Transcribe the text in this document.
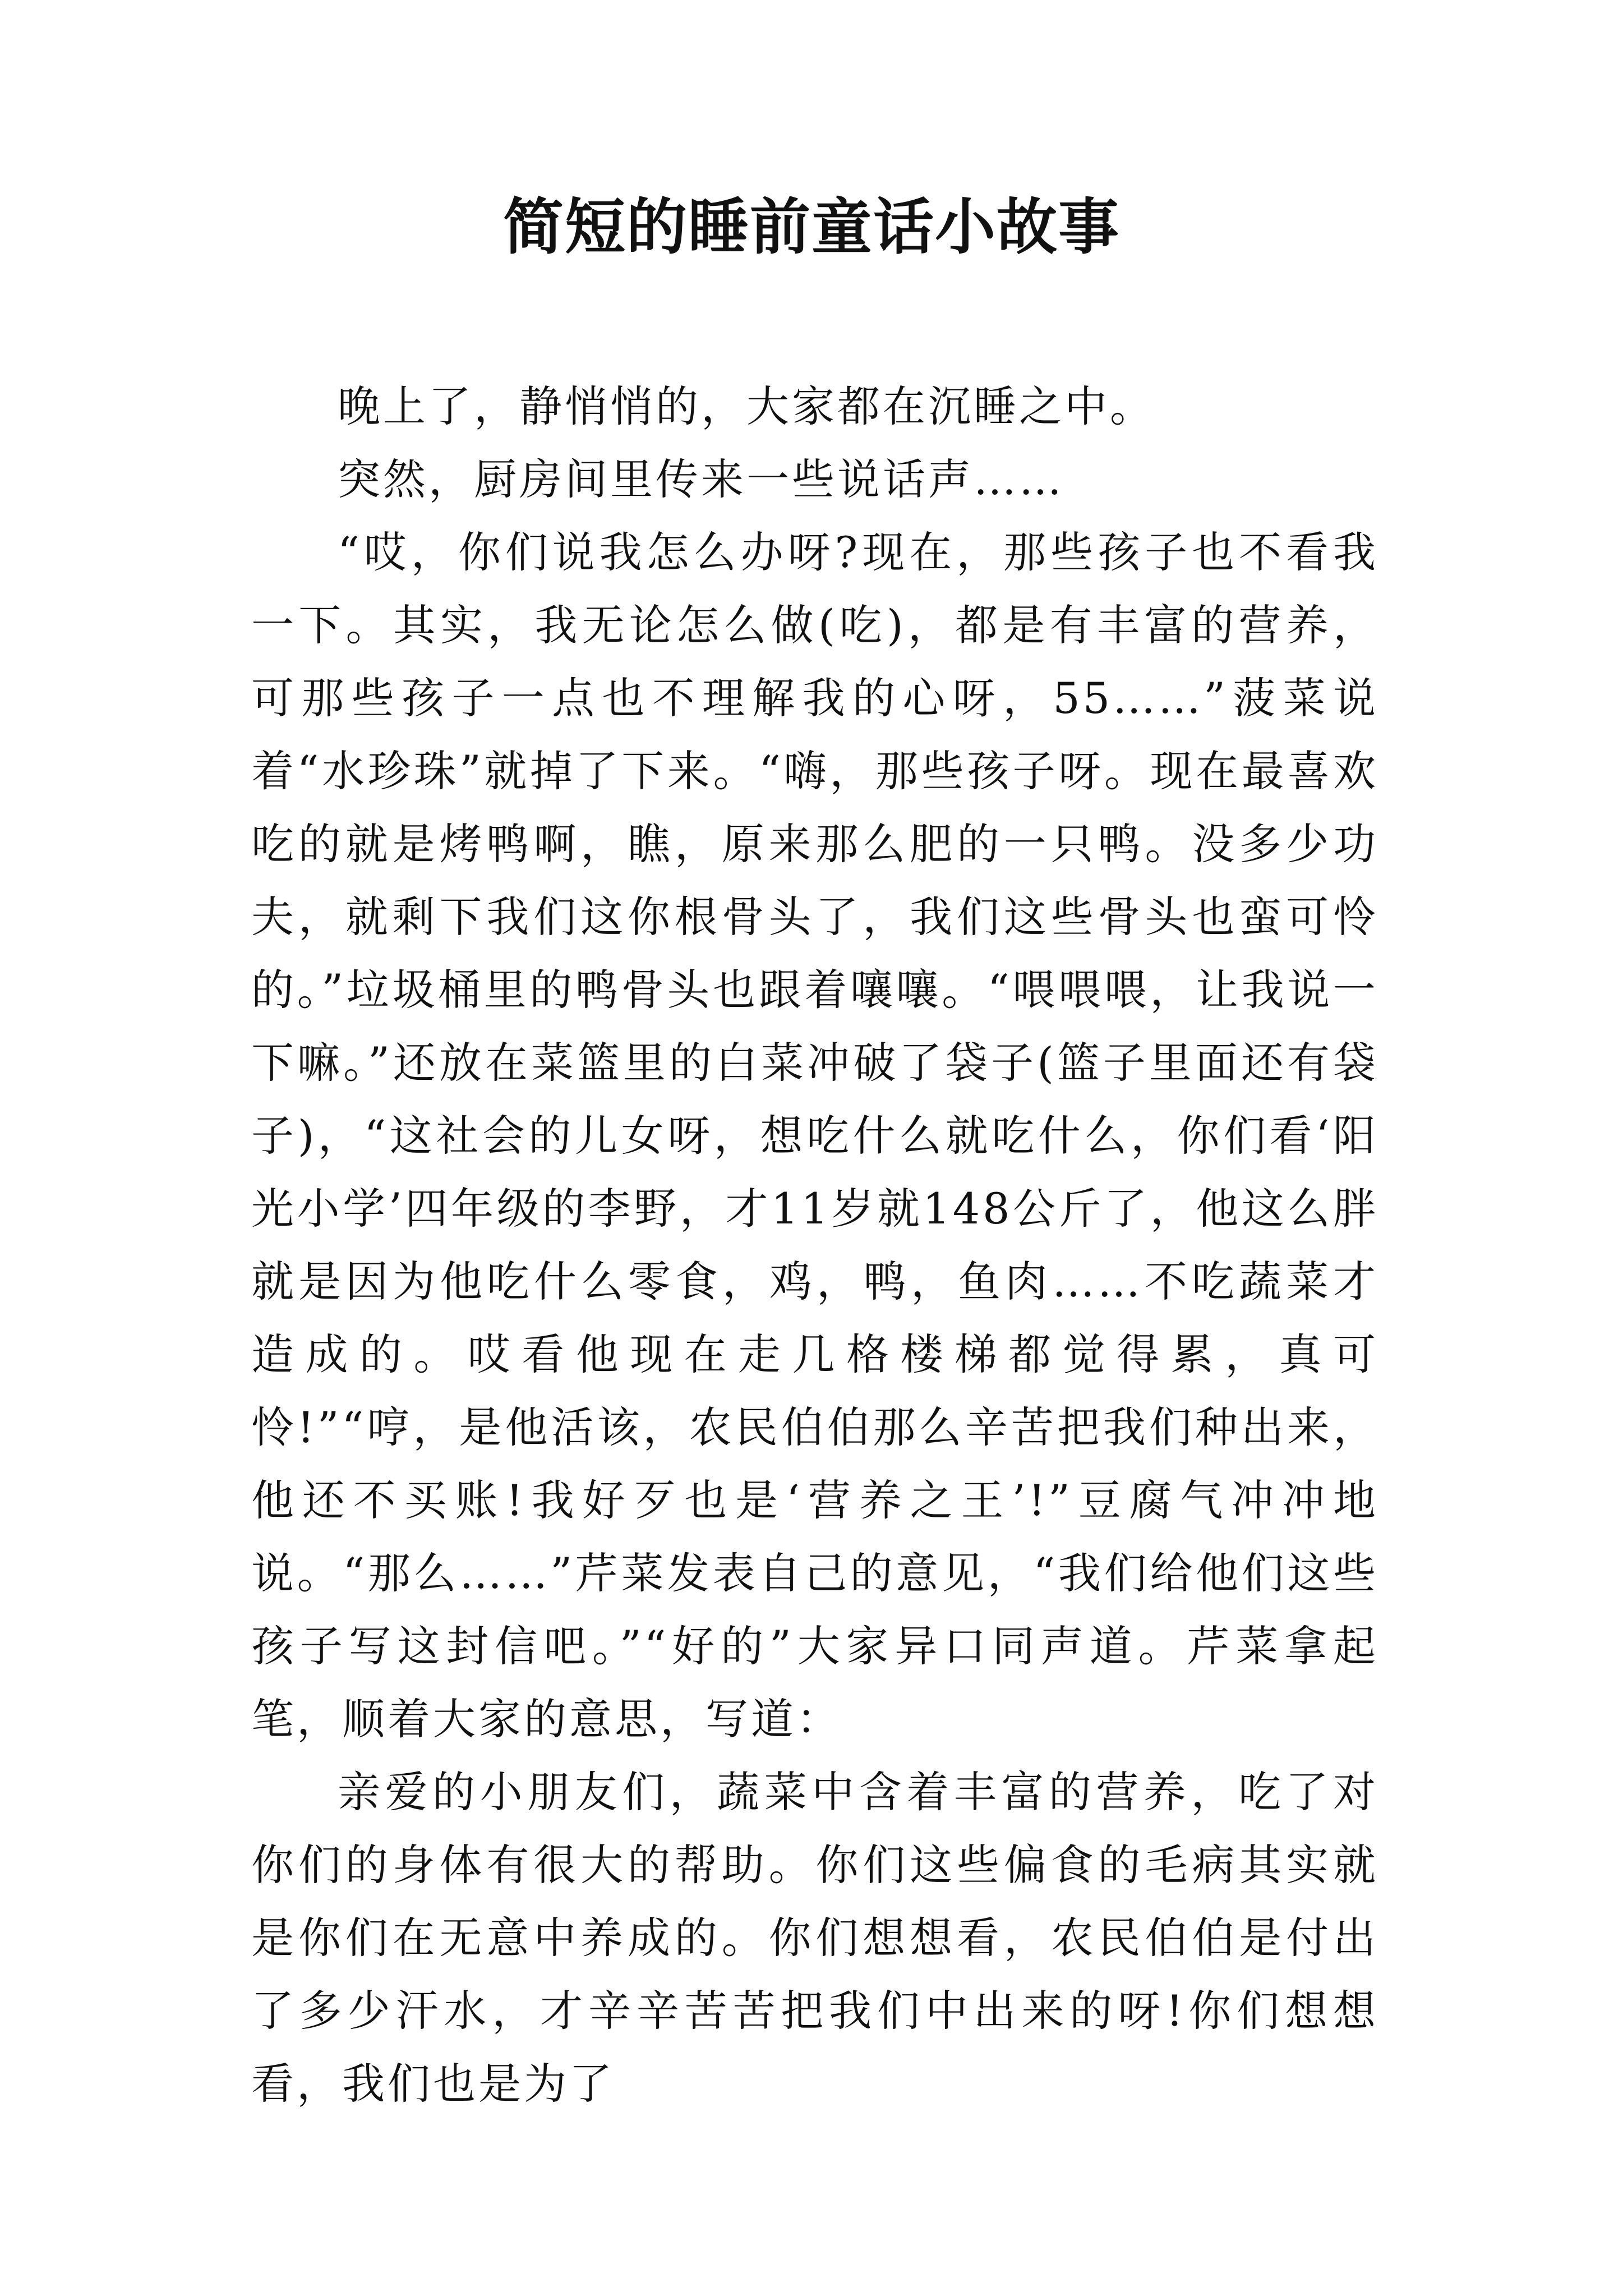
简短的睡前童话小故事

晚上了，静悄悄的，大家都在沉睡之中。

突然，厨房间里传来一些说话声……

“哎，你们说我怎么办呀?现在，那些孩子也不看我一下。其实，我无论怎么做(吃)，都是有丰富的营养，可那些孩子一点也不理解我的心呀，55……”菠菜说着“水珍珠”就掉了下来。“嗨，那些孩子呀。现在最喜欢吃的就是烤鸭啊，瞧，原来那么肥的一只鸭。没多少功夫，就剩下我们这你根骨头了，我们这些骨头也蛮可怜的。”垃圾桶里的鸭骨头也跟着嚷嚷。“喂喂喂，让我说一下嘛。”还放在菜篮里的白菜冲破了袋子(篮子里面还有袋子)，“这社会的儿女呀，想吃什么就吃什么，你们看‘阳光小学’四年级的李野，才11岁就148公斤了，他这么胖就是因为他吃什么零食，鸡，鸭，鱼肉……不吃蔬菜才造成的。哎看他现在走几格楼梯都觉得累，真可怜!”“哼，是他活该，农民伯伯那么辛苦把我们种出来，他还不买账!我好歹也是‘营养之王’!”豆腐气冲冲地说。“那么……”芹菜发表自己的意见，“我们给他们这些孩子写这封信吧。”“好的”大家异口同声道。芹菜拿起笔，顺着大家的意思，写道：

亲爱的小朋友们，蔬菜中含着丰富的营养，吃了对你们的身体有很大的帮助。你们这些偏食的毛病其实就是你们在无意中养成的。你们想想看，农民伯伯是付出了多少汗水，才辛辛苦苦把我们中出来的呀!你们想想看，我们也是为了
